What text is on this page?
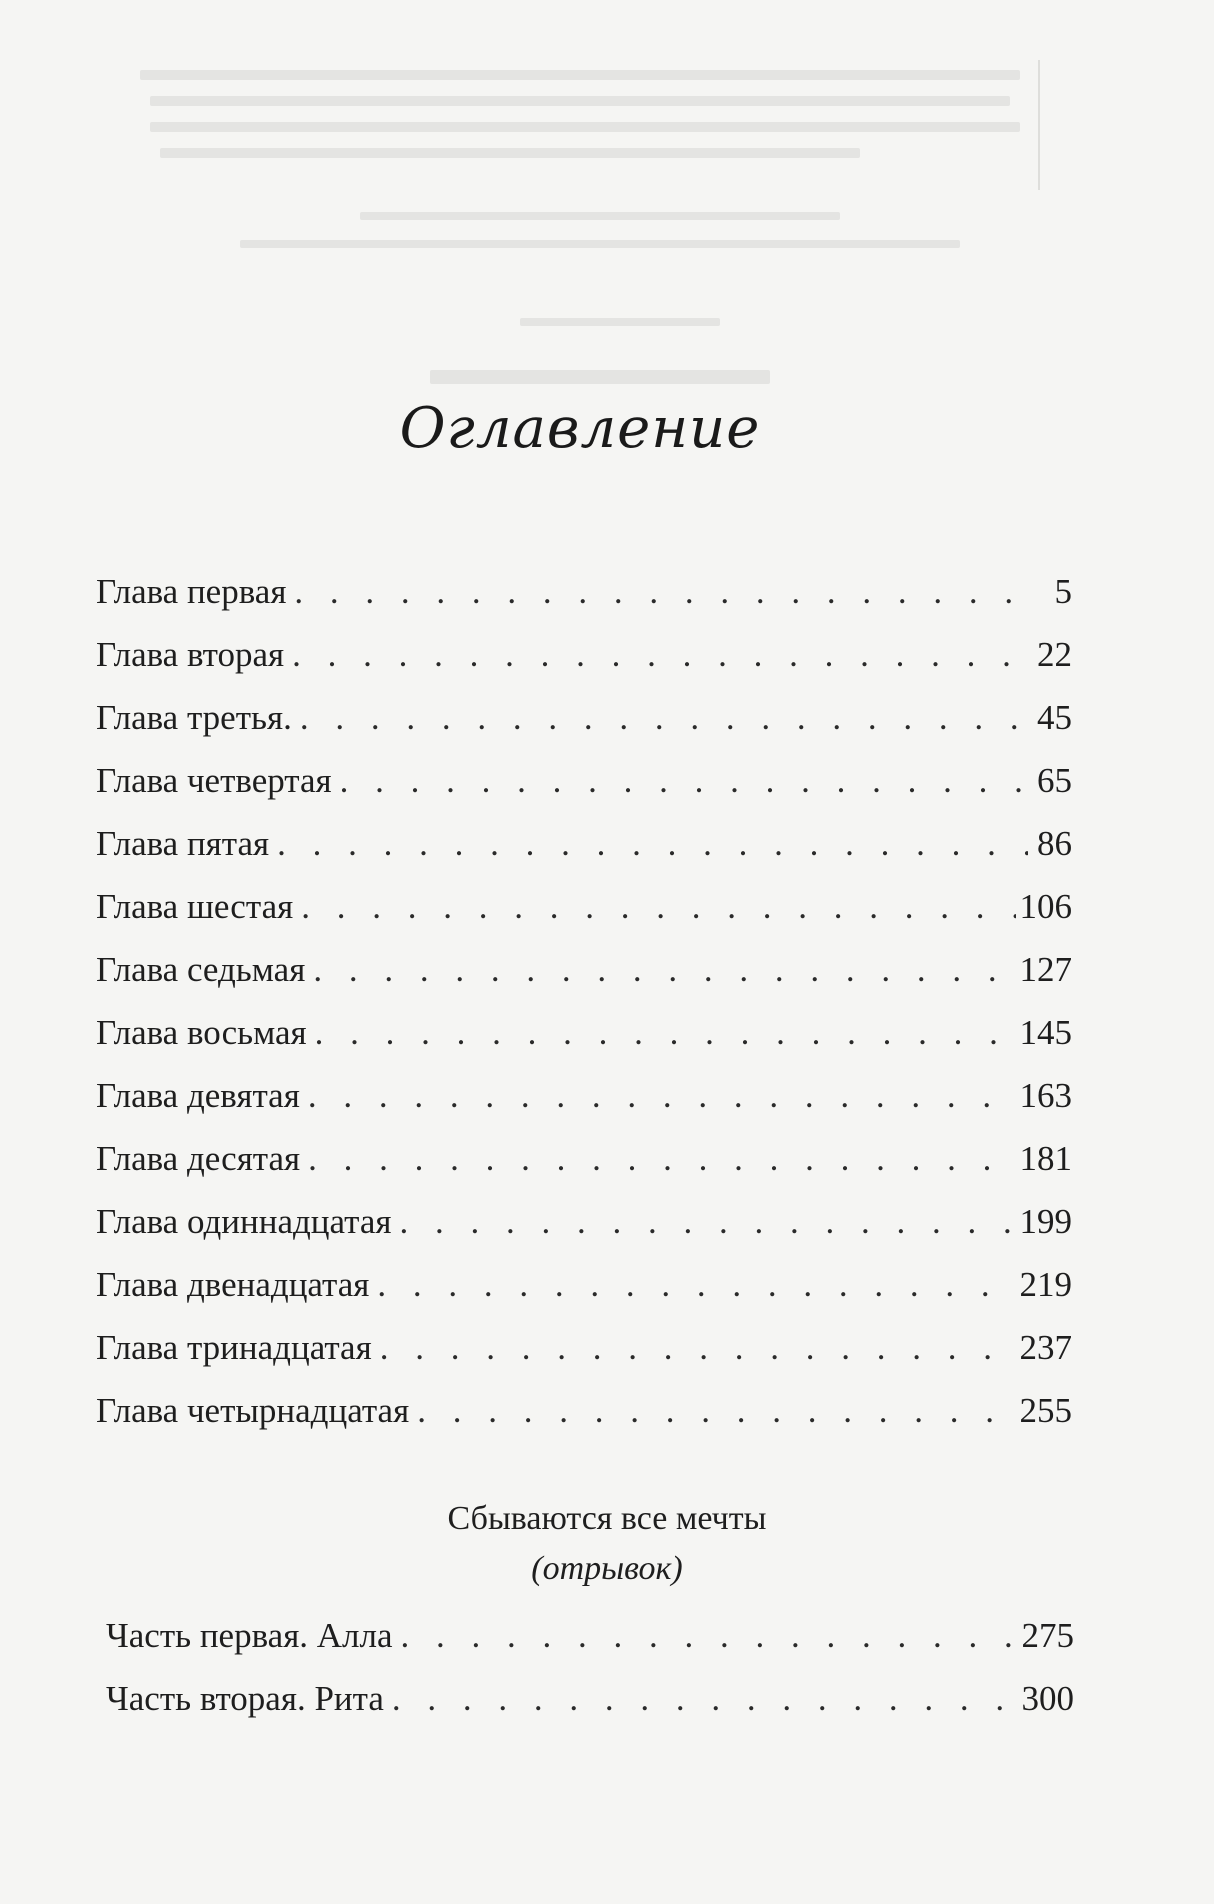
Оглавление
Глава первая . . .	5
Глава вторая . . .	22
Глава третья. . . .	45
Глава четвертая . . .	65
Глава пятая . . .	86
Глава шестая . . .	106
Глава седьмая . . .	127
Глава восьмая . . .	145
Глава девятая . . .	163
Глава десятая . . .	181
Глава одиннадцатая . . .	199
Глава двенадцатая . . .	219
Глава тринадцатая . . .	237
Глава четырнадцатая . . .	255
Сбываются все мечты
(отрывок)
Часть первая. Алла . . .	275
Часть вторая. Рита . . .	300
